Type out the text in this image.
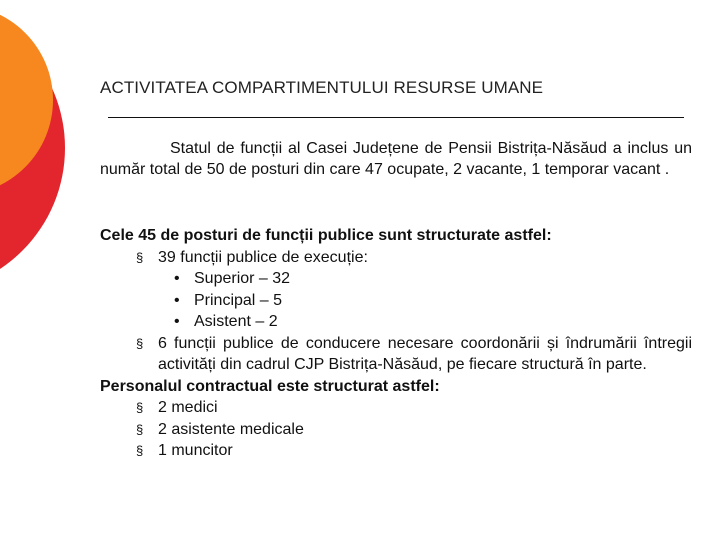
ACTIVITATEA COMPARTIMENTULUI RESURSE UMANE
Statul de funcții al Casei Județene de Pensii Bistrița-Năsăud a inclus un număr total de 50 de posturi din care 47 ocupate, 2 vacante, 1 temporar vacant .
Cele 45 de posturi de funcții publice sunt structurate astfel:
§ 39 funcții publice de execuție:
• Superior – 32
• Principal – 5
• Asistent – 2
§ 6 funcții publice de conducere necesare coordonării și îndrumării întregii activități din cadrul CJP Bistrița-Năsăud, pe fiecare structură în parte.
Personalul contractual este structurat astfel:
§ 2 medici
§ 2 asistente medicale
§ 1 muncitor
